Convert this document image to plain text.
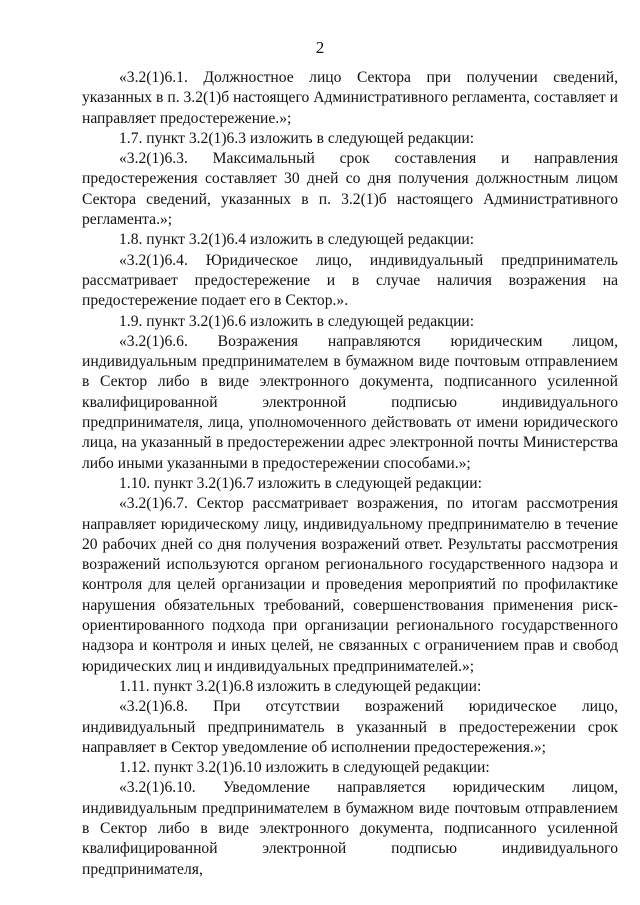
2

«3.2(1)6.1. Должностное лицо Сектора при получении сведений, указанных в п. 3.2(1)б настоящего Административного регламента, составляет и направляет предостережение.»;

1.7. пункт 3.2(1)6.3 изложить в следующей редакции:

«3.2(1)6.3. Максимальный срок составления и направления предостережения составляет 30 дней со дня получения должностным лицом Сектора сведений, указанных в п. 3.2(1)б настоящего Административного регламента.»;

1.8. пункт 3.2(1)6.4 изложить в следующей редакции:

«3.2(1)6.4. Юридическое лицо, индивидуальный предприниматель рассматривает предостережение и в случае наличия возражения на предостережение подает его в Сектор.».

1.9. пункт 3.2(1)6.6 изложить в следующей редакции:

«3.2(1)6.6. Возражения направляются юридическим лицом, индивидуальным предпринимателем в бумажном виде почтовым отправлением в Сектор либо в виде электронного документа, подписанного усиленной квалифицированной электронной подписью индивидуального предпринимателя, лица, уполномоченного действовать от имени юридического лица, на указанный в предостережении адрес электронной почты Министерства либо иными указанными в предостережении способами.»;

1.10. пункт 3.2(1)6.7 изложить в следующей редакции:

«3.2(1)6.7. Сектор рассматривает возражения, по итогам рассмотрения направляет юридическому лицу, индивидуальному предпринимателю в течение 20 рабочих дней со дня получения возражений ответ. Результаты рассмотрения возражений используются органом регионального государственного надзора и контроля для целей организации и проведения мероприятий по профилактике нарушения обязательных требований, совершенствования применения риск-ориентированного подхода при организации регионального государственного надзора и контроля и иных целей, не связанных с ограничением прав и свобод юридических лиц и индивидуальных предпринимателей.»;

1.11. пункт 3.2(1)6.8 изложить в следующей редакции:

«3.2(1)6.8. При отсутствии возражений юридическое лицо, индивидуальный предприниматель в указанный в предостережении срок направляет в Сектор уведомление об исполнении предостережения.»;

1.12. пункт 3.2(1)6.10 изложить в следующей редакции:

«3.2(1)6.10. Уведомление направляется юридическим лицом, индивидуальным предпринимателем в бумажном виде почтовым отправлением в Сектор либо в виде электронного документа, подписанного усиленной квалифицированной электронной подписью индивидуального предпринимателя,
